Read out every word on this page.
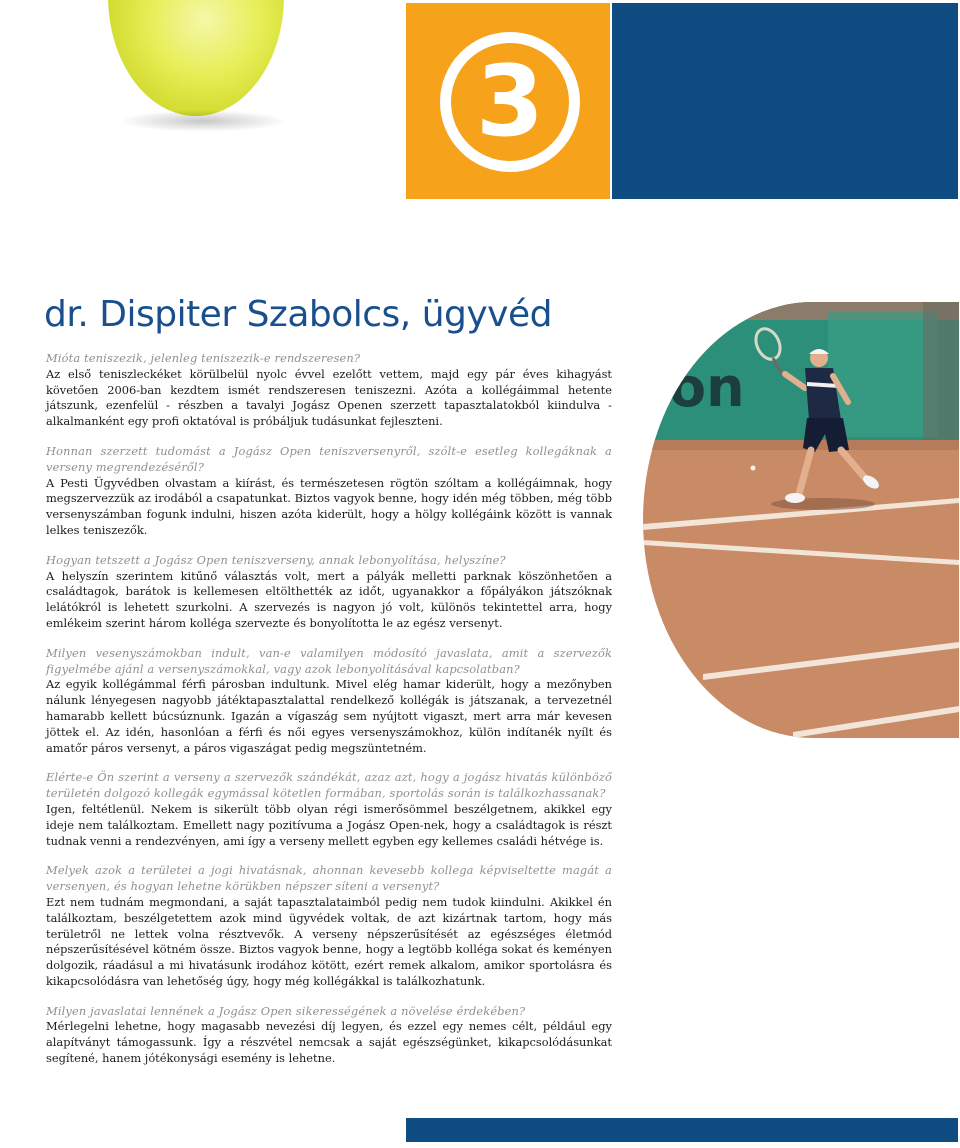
3
dr. Dispiter Szabolcs, ügyvéd

Mióta teniszezik, jelenleg teniszezik-e rendszeresen?

Az első teniszleckéket körülbelül nyolc évvel ezelőtt vettem, majd egy pár éves kihagyást követően 2006-ban kezdtem ismét rendszeresen teniszezni. Azóta a kollégáimmal hetente játszunk, ezenfelül - részben a tavalyi Jogász Openen szerzett tapasztalatokból kiindulva - alkalmanként egy profi oktatóval is próbáljuk tudásunkat fejleszteni.

Honnan szerzett tudomást a Jogász Open teniszversenyről, szólt-e esetleg kollegáknak a verseny megrendezéséről?

A Pesti Ügyvédben olvastam a kiírást, és természetesen rögtön szóltam a kollégáimnak, hogy megszervezzük az irodából a csapatunkat. Biztos vagyok benne, hogy idén még többen, még több versenyszámban fogunk indulni, hiszen azóta kiderült, hogy a hölgy kollégáink között is vannak lelkes teniszezők.

Hogyan tetszett a Jogász Open teniszverseny, annak lebonyolítása, helyszíne?

A helyszín szerintem kitűnő választás volt, mert a pályák melletti parknak köszönhetően a családtagok, barátok is kellemesen eltölthették az időt, ugyanakkor a főpályákon játszóknak lelátókról is lehetett szurkolni. A szervezés is nagyon jó volt, különös tekintettel arra, hogy emlékeim szerint három kollégа szervezte és bonyolította le az egész versenyt.

Milyen vesenyszámokban indult, van-e valamilyen módosító javaslata, amit a szervezők figyelmébe ajánl a versenyszámokkal, vagy azok lebonyolításával kapcsolatban?

Az egyik kollégámmal férfi párosban indultunk. Mivel elég hamar kiderült, hogy a mezőnyben nálunk lényegesen nagyobb játéktapasztalattal rendelkező kollégák is játszanak, a tervezetnél hamarabb kellett búcsúznunk. Igazán a vígaszág sem nyújtott vigaszt, mert arra már kevesen jöttek el. Az idén, hasonlóan a férfi és női egyes versenyszámokhoz, külön indítanék nyílt és amatőr páros versenyt, a páros vigaszágat pedig megszüntetném.

Elérte-e Ön szerint a verseny a szervezők szándékát, azaz azt, hogy a jogász hivatás különböző területén dolgozó kollegák egymással kötetlen formában, sportolás során is találkozhassanak?

Igen, feltétlenül. Nekem is sikerült több olyan régi ismerősömmel beszélgetnem, akikkel egy ideje nem találkoztam. Emellett nagy pozitívuma a Jogász Open-nek, hogy a családtagok is részt tudnak venni a rendezvényen, ami így a verseny mellett egyben egy kellemes családi hétvége is.

Melyek azok a területei a jogi hivatásnak, ahonnan kevesebb kollega képviseltette magát a versenyen, és hogyan lehetne körükben népszer síteni a versenyt?

Ezt nem tudnám megmondani, a saját tapasztalataimból pedig nem tudok kiindulni. Akikkel én találkoztam, beszélgetettem azok mind ügyvédek voltak, de azt kizártnak tartom, hogy más területről ne lettek volna résztvevők. A verseny népszerűsítését az egészséges életmód népszerűsítésével kötném össze. Biztos vagyok benne, hogy a legtöbb kolléga sokat és keményen dolgozik, ráadásul a mi hivatásunk irodához kötött, ezért remek alkalom, amikor sportolásra és kikapcsolódásra van lehetőség úgy, hogy még kollégákkal is találkozhatunk.

Milyen javaslatai lennének a Jogász Open sikerességének a növelése érdekében?

Mérlegelni lehetne, hogy magasabb nevezési díj legyen, és ezzel egy nemes célt, például egy alapítványt támogassunk. Így a részvétel nemcsak a saját egészségünket, kikapcsolódásunkat segítené, hanem jótékonysági esemény is lehetne.

on
